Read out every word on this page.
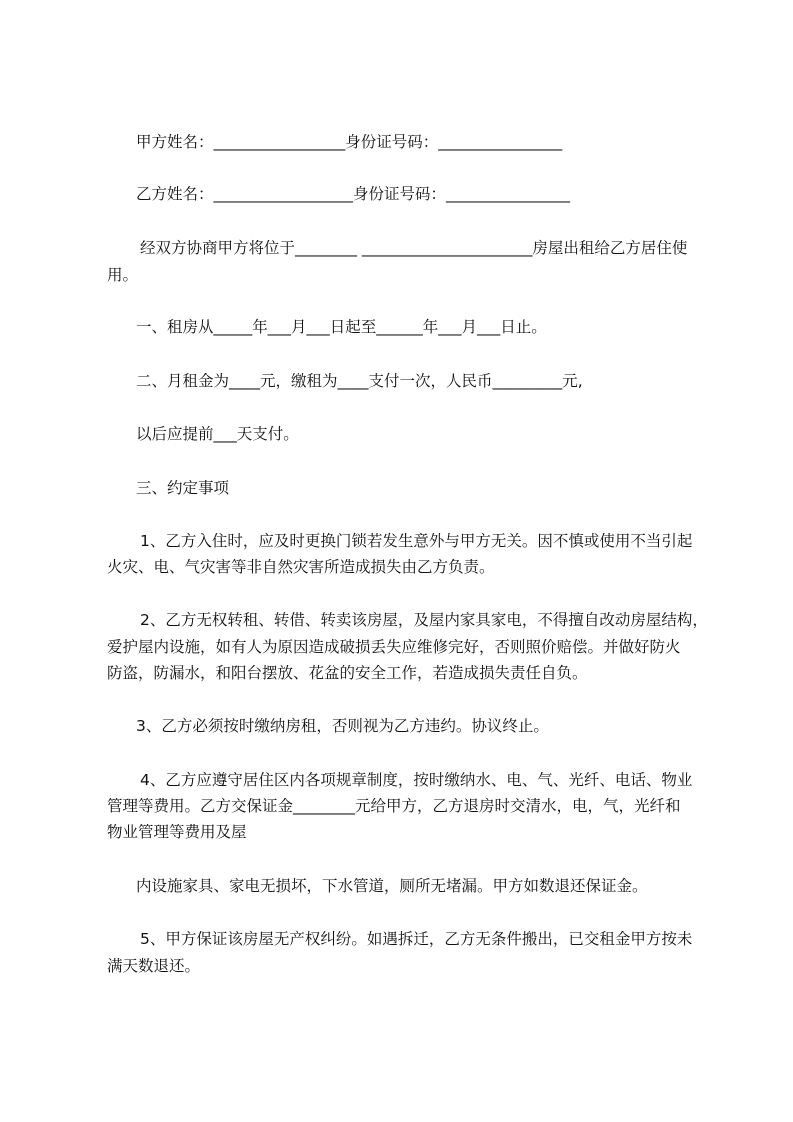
甲方姓名：_________________身份证号码：________________
乙方姓名：__________________身份证号码：________________
经双方协商甲方将位于________ ______________________房屋出租给乙方居住使
用。
一、租房从_____年___月___日起至______年___月___日止。
二、月租金为____元，缴租为____支付一次，人民币_________元,
以后应提前___天支付。
三、约定事项
1、乙方入住时，应及时更换门锁若发生意外与甲方无关。因不慎或使用不当引起
火灾、电、气灾害等非自然灾害所造成损失由乙方负责。
2、乙方无权转租、转借、转卖该房屋，及屋内家具家电，不得擅自改动房屋结构，
爱护屋内设施，如有人为原因造成破损丢失应维修完好，否则照价赔偿。并做好防火
防盗，防漏水，和阳台摆放、花盆的安全工作，若造成损失责任自负。
3、乙方必须按时缴纳房租，否则视为乙方违约。协议终止。
4、乙方应遵守居住区内各项规章制度，按时缴纳水、电、气、光纤、电话、物业
管理等费用。乙方交保证金________元给甲方，乙方退房时交清水，电，气，光纤和
物业管理等费用及屋
内设施家具、家电无损坏，下水管道，厕所无堵漏。甲方如数退还保证金。
5、甲方保证该房屋无产权纠纷。如遇拆迁，乙方无条件搬出，已交租金甲方按未
满天数退还。
